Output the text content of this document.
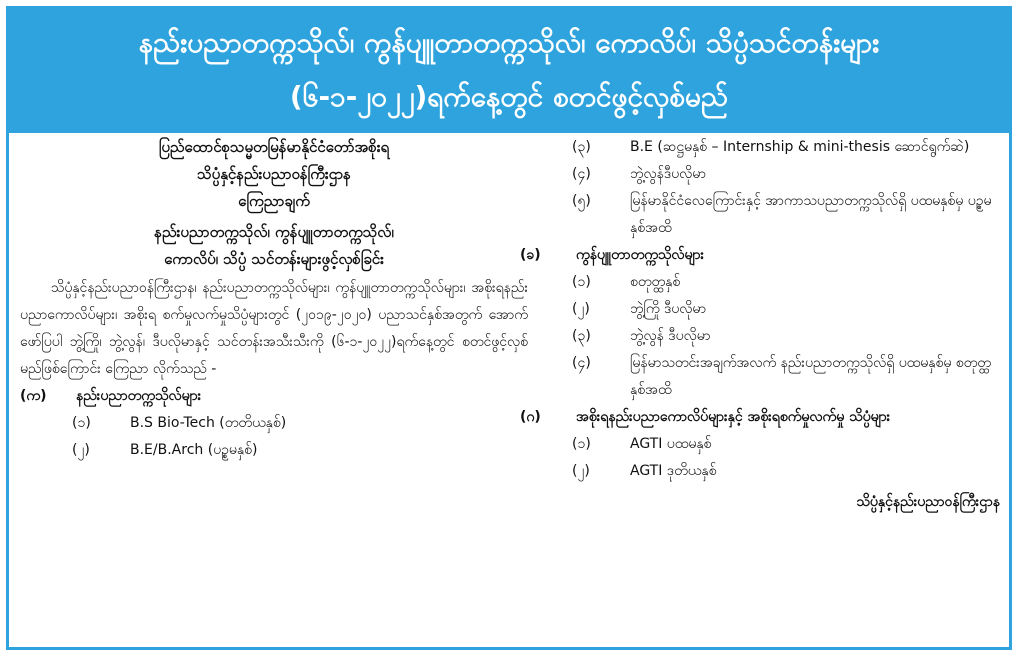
နည်းပညာတက္ကသိုလ်၊ ကွန်ပျူတာတက္ကသိုလ်၊ ကောလိပ်၊ သိပ္ပံသင်တန်းများ
(၆-၁-၂၀၂၂)ရက်နေ့တွင် စတင်ဖွင့်လှစ်မည်
ပြည်ထောင်စုသမ္မတမြန်မာနိုင်ငံတော်အစိုးရ
သိပ္ပံနှင့်နည်းပညာဝန်ကြီးဌာန
ကြေညာချက်
နည်းပညာတက္ကသိုလ်၊ ကွန်ပျူတာတက္ကသိုလ်၊
ကောလိပ်၊ သိပ္ပံ သင်တန်းများဖွင့်လှစ်ခြင်း
သိပ္ပံနှင့်နည်းပညာဝန်ကြီးဌာန၊ နည်းပညာတက္ကသိုလ်များ၊ ကွန်ပျူတာတက္ကသိုလ်များ၊ အစိုးရနည်းပညာကောလိပ်များ၊ အစိုးရ စက်မှုလက်မှုသိပ္ပံများတွင် (၂၀၁၉-၂၀၂၀) ပညာသင်နှစ်အတွက် အောက်ဖော်ပြပါ ဘွဲ့ကြို၊ ဘွဲ့လွန်၊ ဒီပလိုမာနှင့် သင်တန်းအသီးသီးကို (၆-၁-၂၀၂၂)ရက်နေ့တွင် စတင်ဖွင့်လှစ်မည်ဖြစ်ကြောင်း ကြေညာ လိုက်သည် -
(က)	နည်းပညာတက္ကသိုလ်များ
(၁)	B.S Bio-Tech (တတိယနှစ်)
(၂)	B.E/B.Arch (ပဉ္စမနှစ်)
(၃)	B.E (ဆဋ္ဌမနှစ် – Internship & mini-thesis ဆောင်ရွက်ဆဲ)
(၄)	ဘွဲ့လွန်ဒီပလိုမာ
(၅)	မြန်မာနိုင်ငံလေကြောင်းနှင့် အာကာသပညာတက္ကသိုလ်ရှိ ပထမနှစ်မှ ပဉ္စမနှစ်အထိ
(ခ)	ကွန်ပျူတာတက္ကသိုလ်များ
(၁)	စတုတ္ထနှစ်
(၂)	ဘွဲ့ကြို ဒီပလိုမာ
(၃)	ဘွဲ့လွန် ဒီပလိုမာ
(၄)	မြန်မာသတင်းအချက်အလက် နည်းပညာတက္ကသိုလ်ရှိ ပထမနှစ်မှ စတုတ္ထနှစ်အထိ
(ဂ)	အစိုးရနည်းပညာကောလိပ်များနှင့် အစိုးရစက်မှုလက်မှု သိပ္ပံများ
(၁)	AGTI ပထမနှစ်
(၂)	AGTI ဒုတိယနှစ်
သိပ္ပံနှင့်နည်းပညာဝန်ကြီးဌာန
